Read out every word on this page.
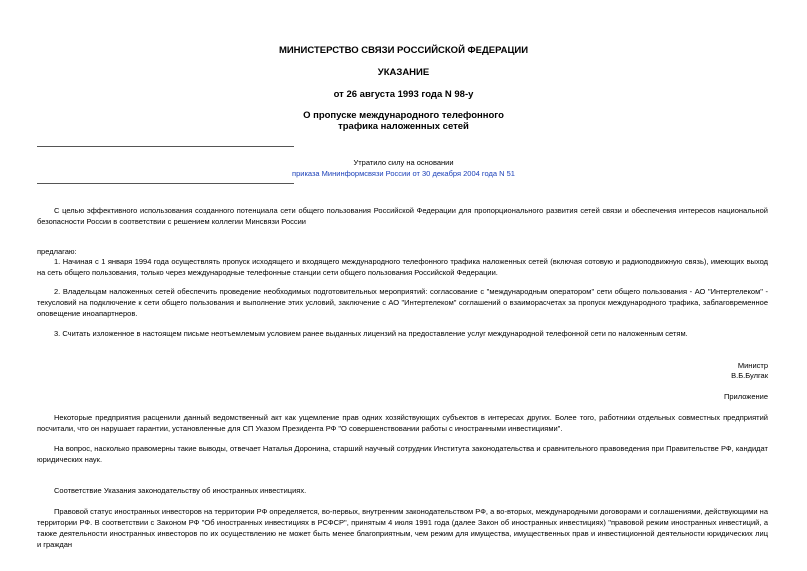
МИНИСТЕРСТВО СВЯЗИ РОССИЙСКОЙ ФЕДЕРАЦИИ
УКАЗАНИЕ
от 26 августа 1993 года N 98-у
О пропуске международного телефонного
трафика наложенных сетей
Утратило силу на основании
приказа Мининформсвязи России от 30 декабря 2004 года N 51
С целью эффективного использования созданного потенциала сети общего пользования Российской Федерации для пропорционального развития сетей связи и обеспечения интересов национальной безопасности России в соответствии с решением коллегии Минсвязи России
предлагаю:
1. Начиная с 1 января 1994 года осуществлять пропуск исходящего и входящего международного телефонного трафика наложенных сетей (включая сотовую и радиоподвижную связь), имеющих выход на сеть общего пользования, только через международные телефонные станции сети общего пользования Российской Федерации.
2. Владельцам наложенных сетей обеспечить проведение необходимых подготовительных мероприятий: согласование с "международным оператором" сети общего пользования - АО "Интертелеком" - техусловий на подключение к сети общего пользования и выполнение этих условий, заключение с АО "Интертелеком" соглашений о взаиморасчетах за пропуск международного трафика, заблаговременное оповещение иноапартнеров.
3. Считать изложенное в настоящем письме неотъемлемым условием ранее выданных лицензий на предоставление услуг международной телефонной сети по наложенным сетям.
Министр
В.Б.Булгак
Приложение
Некоторые предприятия расценили данный ведомственный акт как ущемление прав одних хозяйствующих субъектов в интересах других. Более того, работники отдельных совместных предприятий посчитали, что он нарушает гарантии, установленные для СП Указом Президента РФ "О совершенствовании работы с иностранными инвестициями".
На вопрос, насколько правомерны такие выводы, отвечает Наталья Доронина, старший научный сотрудник Института законодательства и сравнительного правоведения при Правительстве РФ, кандидат юридических наук.
Соответствие Указания законодательству об иностранных инвестициях.
Правовой статус иностранных инвесторов на территории РФ определяется, во-первых, внутренним законодательством РФ, а во-вторых, международными договорами и соглашениями, действующими на территории РФ. В соответствии с Законом РФ "Об иностранных инвестициях в РСФСР", принятым 4 июля 1991 года (далее Закон об иностранных инвестициях) "правовой режим иностранных инвестиций, а также деятельности иностранных инвесторов по их осуществлению не может быть менее благоприятным, чем режим для имущества, имущественных прав и инвестиционной деятельности юридических лиц и граждан
